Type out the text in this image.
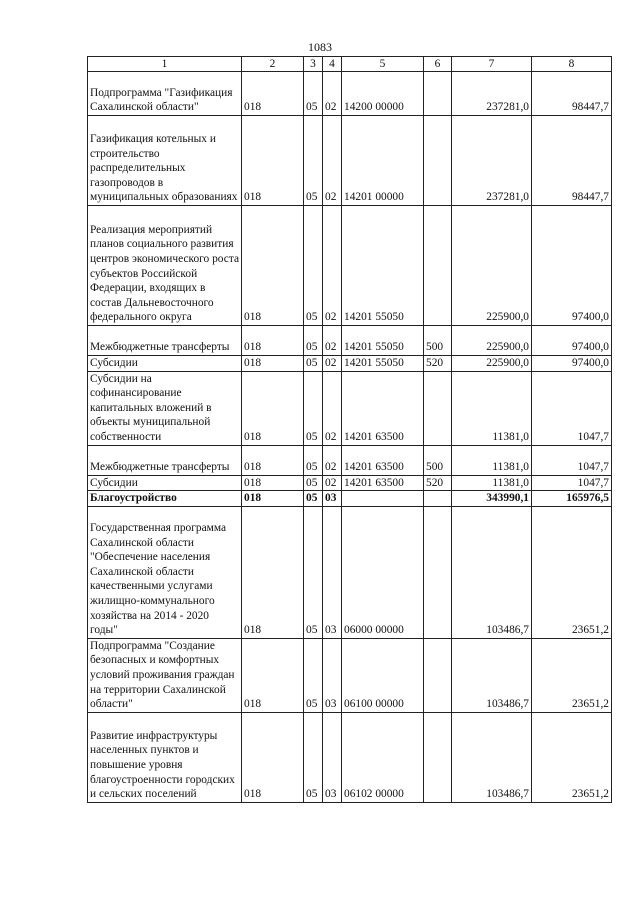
1083
1	2	3	4	5	6	7	8
Подпрограмма "Газификация Сахалинской области"	018	05	02	14200 00000		237281,0	98447,7
Газификация котельных и строительство распределительных газопроводов в муниципальных образованиях	018	05	02	14201 00000		237281,0	98447,7
Реализация мероприятий планов социального развития центров экономического роста субъектов Российской Федерации, входящих в состав Дальневосточного федерального округа	018	05	02	14201 55050		225900,0	97400,0
Межбюджетные трансферты	018	05	02	14201 55050	500	225900,0	97400,0
Субсидии	018	05	02	14201 55050	520	225900,0	97400,0
Субсидии на софинансирование капитальных вложений в объекты муниципальной собственности	018	05	02	14201 63500		11381,0	1047,7
Межбюджетные трансферты	018	05	02	14201 63500	500	11381,0	1047,7
Субсидии	018	05	02	14201 63500	520	11381,0	1047,7
Благоустройство	018	05	03			343990,1	165976,5
Государственная программа Сахалинской области "Обеспечение населения Сахалинской области качественными услугами жилищно-коммунального хозяйства на 2014 - 2020 годы"	018	05	03	06000 00000		103486,7	23651,2
Подпрограмма "Создание безопасных и комфортных условий проживания граждан на территории Сахалинской области"	018	05	03	06100 00000		103486,7	23651,2
Развитие инфраструктуры населенных пунктов и повышение уровня благоустроенности городских и сельских поселений	018	05	03	06102 00000		103486,7	23651,2
